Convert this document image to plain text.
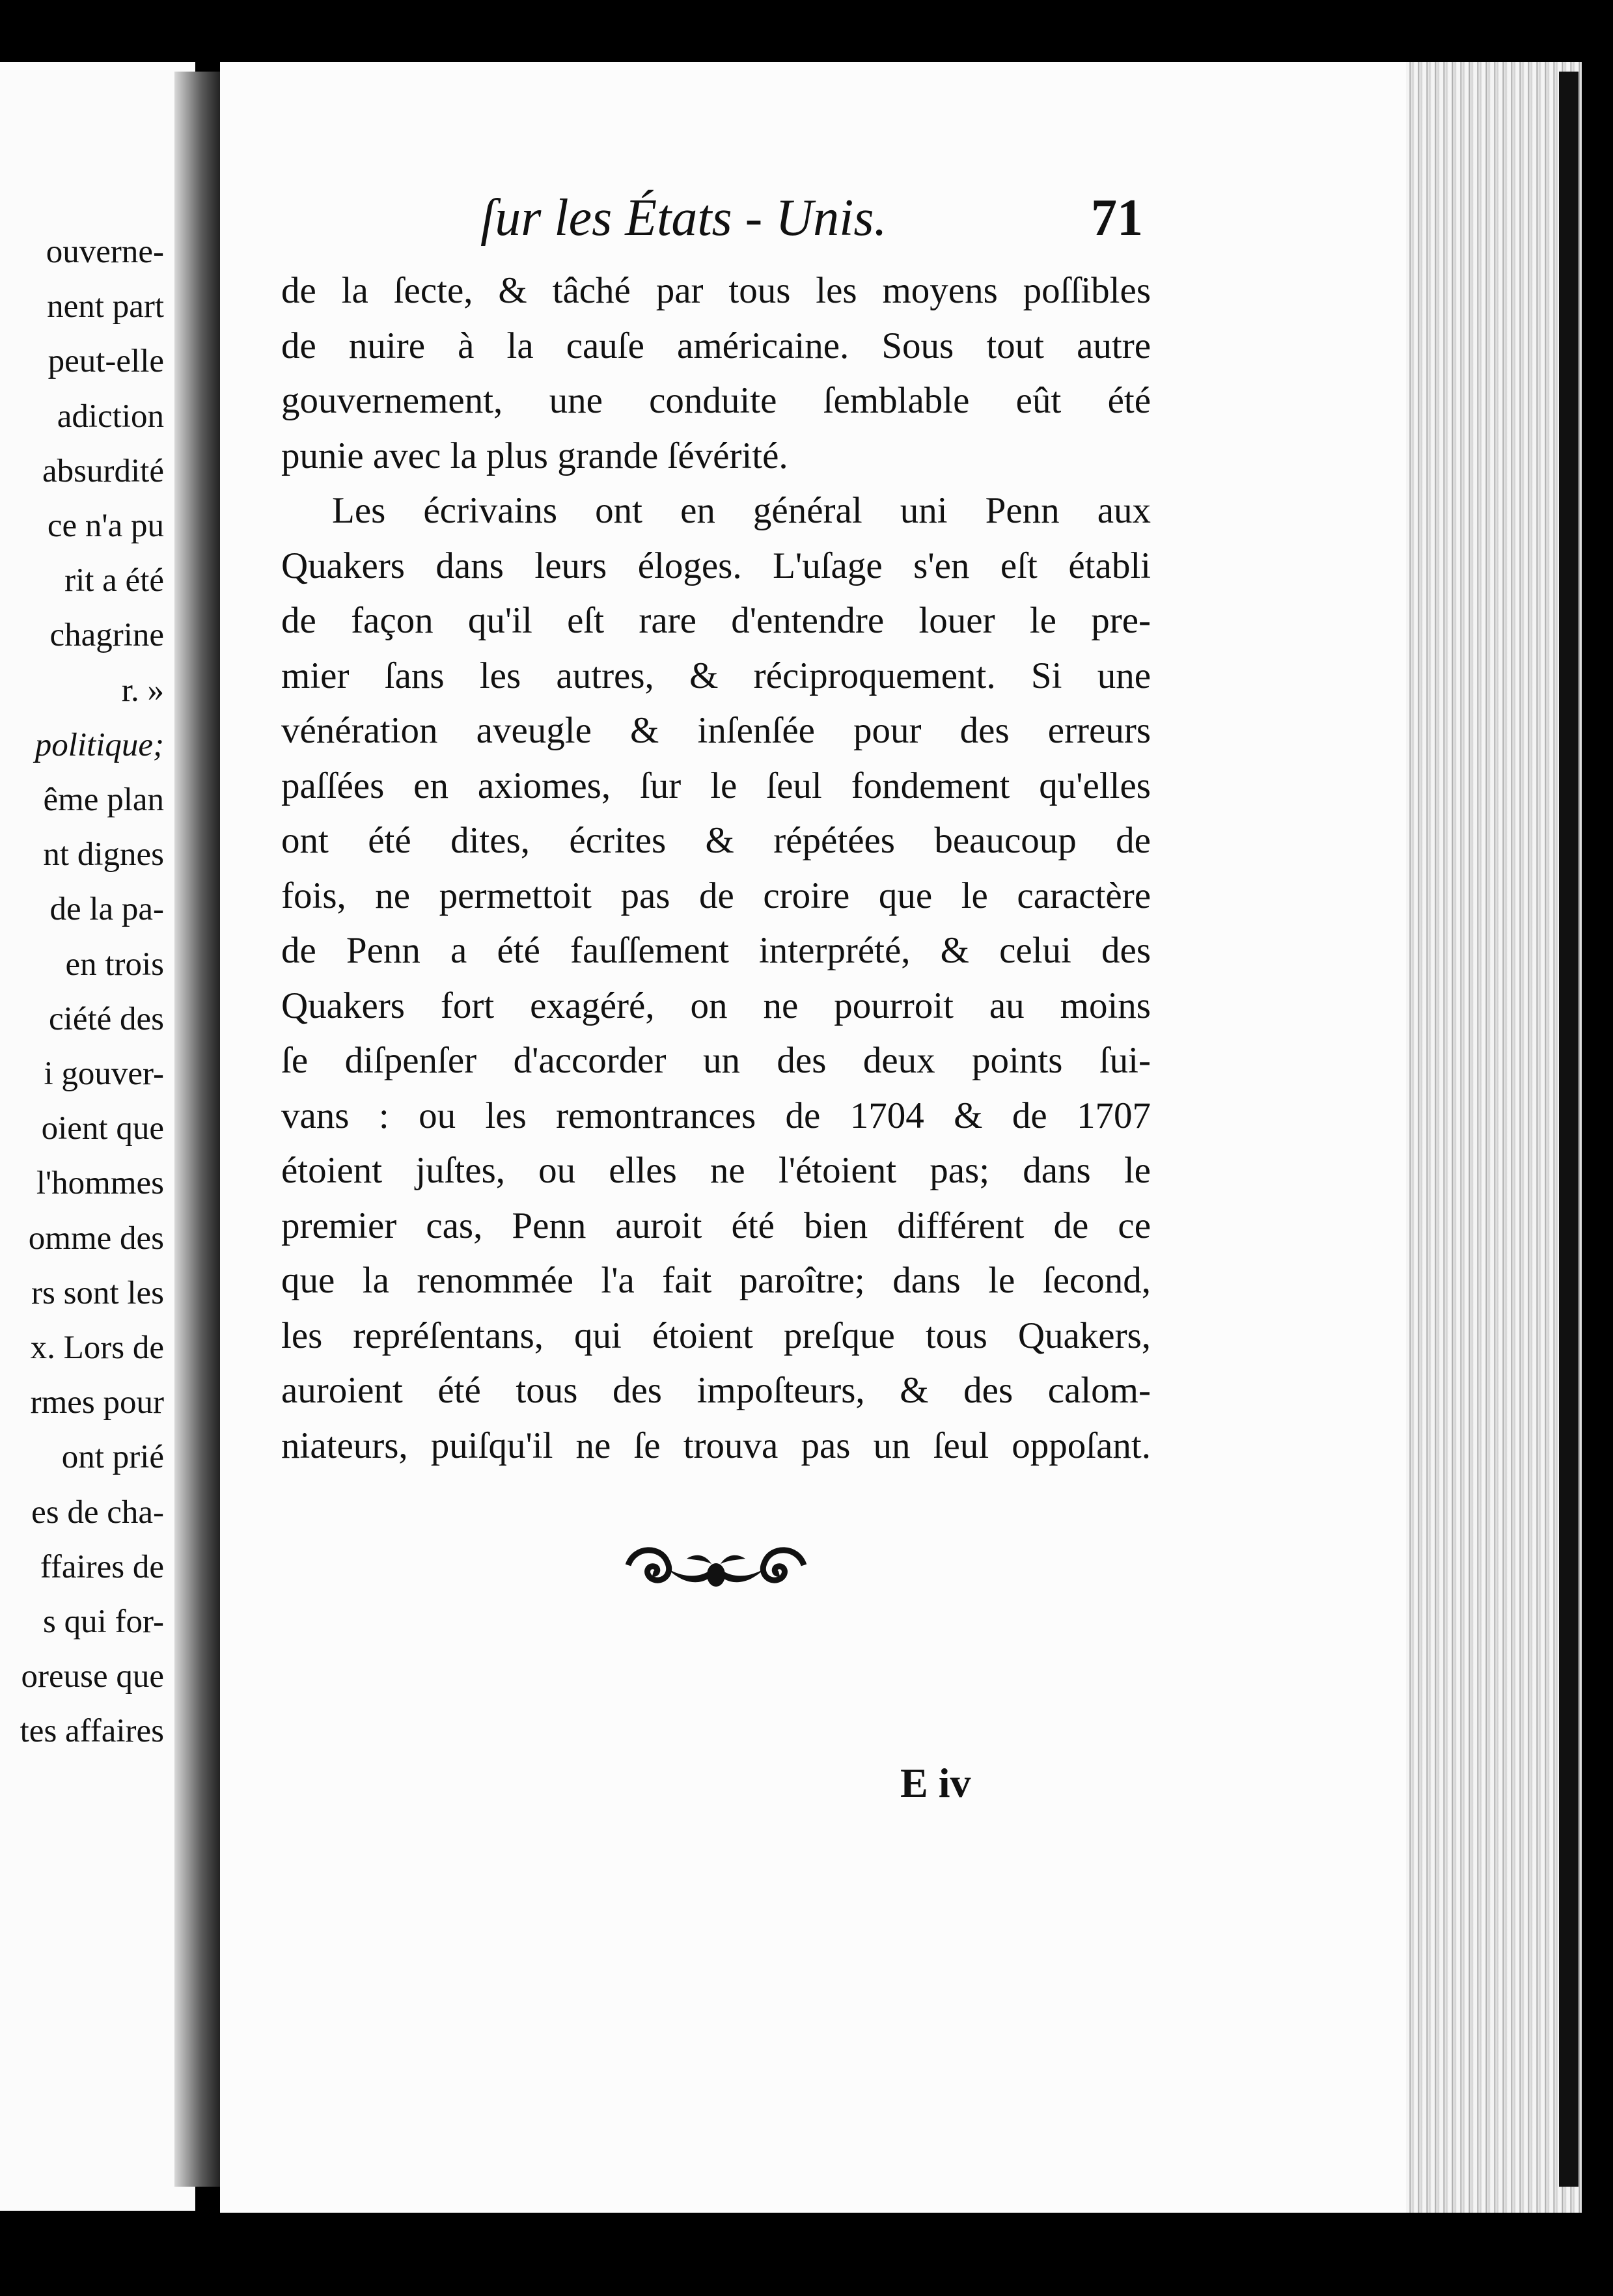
ouverne-
nent part
peut-elle
adiction
absurdité
ce n'a pu
rit a été
chagrine
r. »
politique;
ême plan
nt dignes
de la pa-
en trois
ciété des
i gouver-
oient que
l'hommes
omme des
rs sont les
x. Lors de
rmes pour
ont prié
es de cha-
ffaires de
s qui for-
oreuse que
tes affaires
ſur les États - Unis.	71
de la ſecte, & tâché par tous les moyens poſſibles
de nuire à la cauſe américaine. Sous tout autre
gouvernement, une conduite ſemblable eût été
punie avec la plus grande ſévérité.
Les écrivains ont en général uni Penn aux
Quakers dans leurs éloges. L'uſage s'en eſt établi
de façon qu'il eſt rare d'entendre louer le pre-
mier ſans les autres, & réciproquement. Si une
vénération aveugle & inſenſée pour des erreurs
paſſées en axiomes, ſur le ſeul fondement qu'elles
ont été dites, écrites & répétées beaucoup de
fois, ne permettoit pas de croire que le caractère
de Penn a été fauſſement interprété, & celui des
Quakers fort exagéré, on ne pourroit au moins
ſe diſpenſer d'accorder un des deux points ſui-
vans : ou les remontrances de 1704 & de 1707
étoient juſtes, ou elles ne l'étoient pas; dans le
premier cas, Penn auroit été bien différent de ce
que la renommée l'a fait paroître; dans le ſecond,
les repréſentans, qui étoient preſque tous Quakers,
auroient été tous des impoſteurs, & des calom-
niateurs, puiſqu'il ne ſe trouva pas un ſeul oppoſant.
E iv
